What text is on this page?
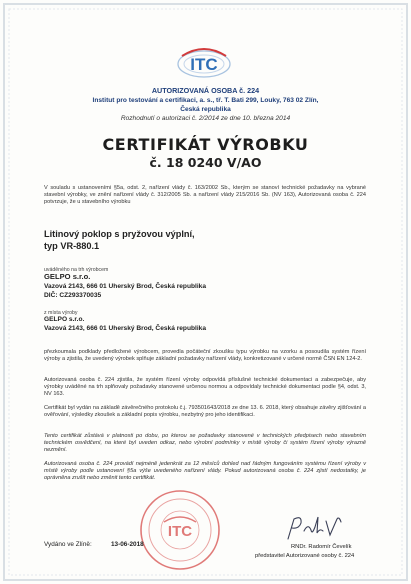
ITC
AUTORIZOVANÁ OSOBA č. 224
Institut pro testování a certifikaci, a. s., tř. T. Bati 299, Louky, 763 02 Zlín,
Česká republika
Rozhodnutí o autorizaci č. 2/2014 ze dne 10. března 2014
CERTIFIKÁT VÝROBKU
č. 18 0240 V/AO
V souladu s ustanoveními §5a, odst. 2, nařízení vlády č. 163/2002 Sb., kterým se stanoví technické požadavky na vybrané stavební výrobky, ve znění nařízení vlády č. 312/2005 Sb. a nařízení vlády 215/2016 Sb. (NV 163), Autorizovaná osoba č. 224 potvrzuje, že u stavebního výrobku
Litinový poklop s pryžovou výplní,
typ VR-880.1
uváděného na trh výrobcem
GELPO s.r.o.
Vazová 2143, 666 01 Uherský Brod, Česká republika
DIČ: CZ293370035
z místa výroby
GELPO s.r.o.
Vazová 2143, 666 01 Uherský Brod, Česká republika
přezkoumala podklady předložené výrobcem, provedla počáteční zkoušku typu výrobku na vzorku a posoudila systém řízení výroby a zjistila, že uvedený výrobek splňuje základní požadavky nařízení vlády, konkretizované v určené normě ČSN EN 124-2.
Autorizovaná osoba č. 224 zjistila, že systém řízení výroby odpovídá příslušné technické dokumentaci a zabezpečuje, aby výrobky uváděné na trh splňovaly požadavky stanovené určenou normou a odpovídaly technické dokumentaci podle §4, odst. 3, NV 163.
Certifikát byl vydán na základě závěrečného protokolu č.j. 793501643/2018 ze dne 13. 6. 2018, který obsahuje závěry zjišťování a ověřování, výsledky zkoušek a základní popis výrobku, nezbytný pro jeho identifikaci.
Tento certifikát zůstává v platnosti po dobu, po kterou se požadavky stanovené v technických předpisech nebo stavebním technickém osvědčení, na které byl uveden odkaz, nebo výrobní podmínky v místě výroby či systém řízení výroby výrazně nezmění.
Autorizovaná osoba č. 224 provádí nejméně jedenkrát za 12 měsíců dohled nad řádným fungováním systému řízení výroby v místě výroby podle ustanovení §5a výše uvedeného nařízení vlády. Pokud autorizovaná osoba č. 224 zjistí nedostatky, je oprávněna zrušit nebo změnit tento certifikát.
ITC
Vydáno ve Zlíně:	13-06-2018	RNDr. Radomír Čevelík
představitel Autorizované osoby č. 224
